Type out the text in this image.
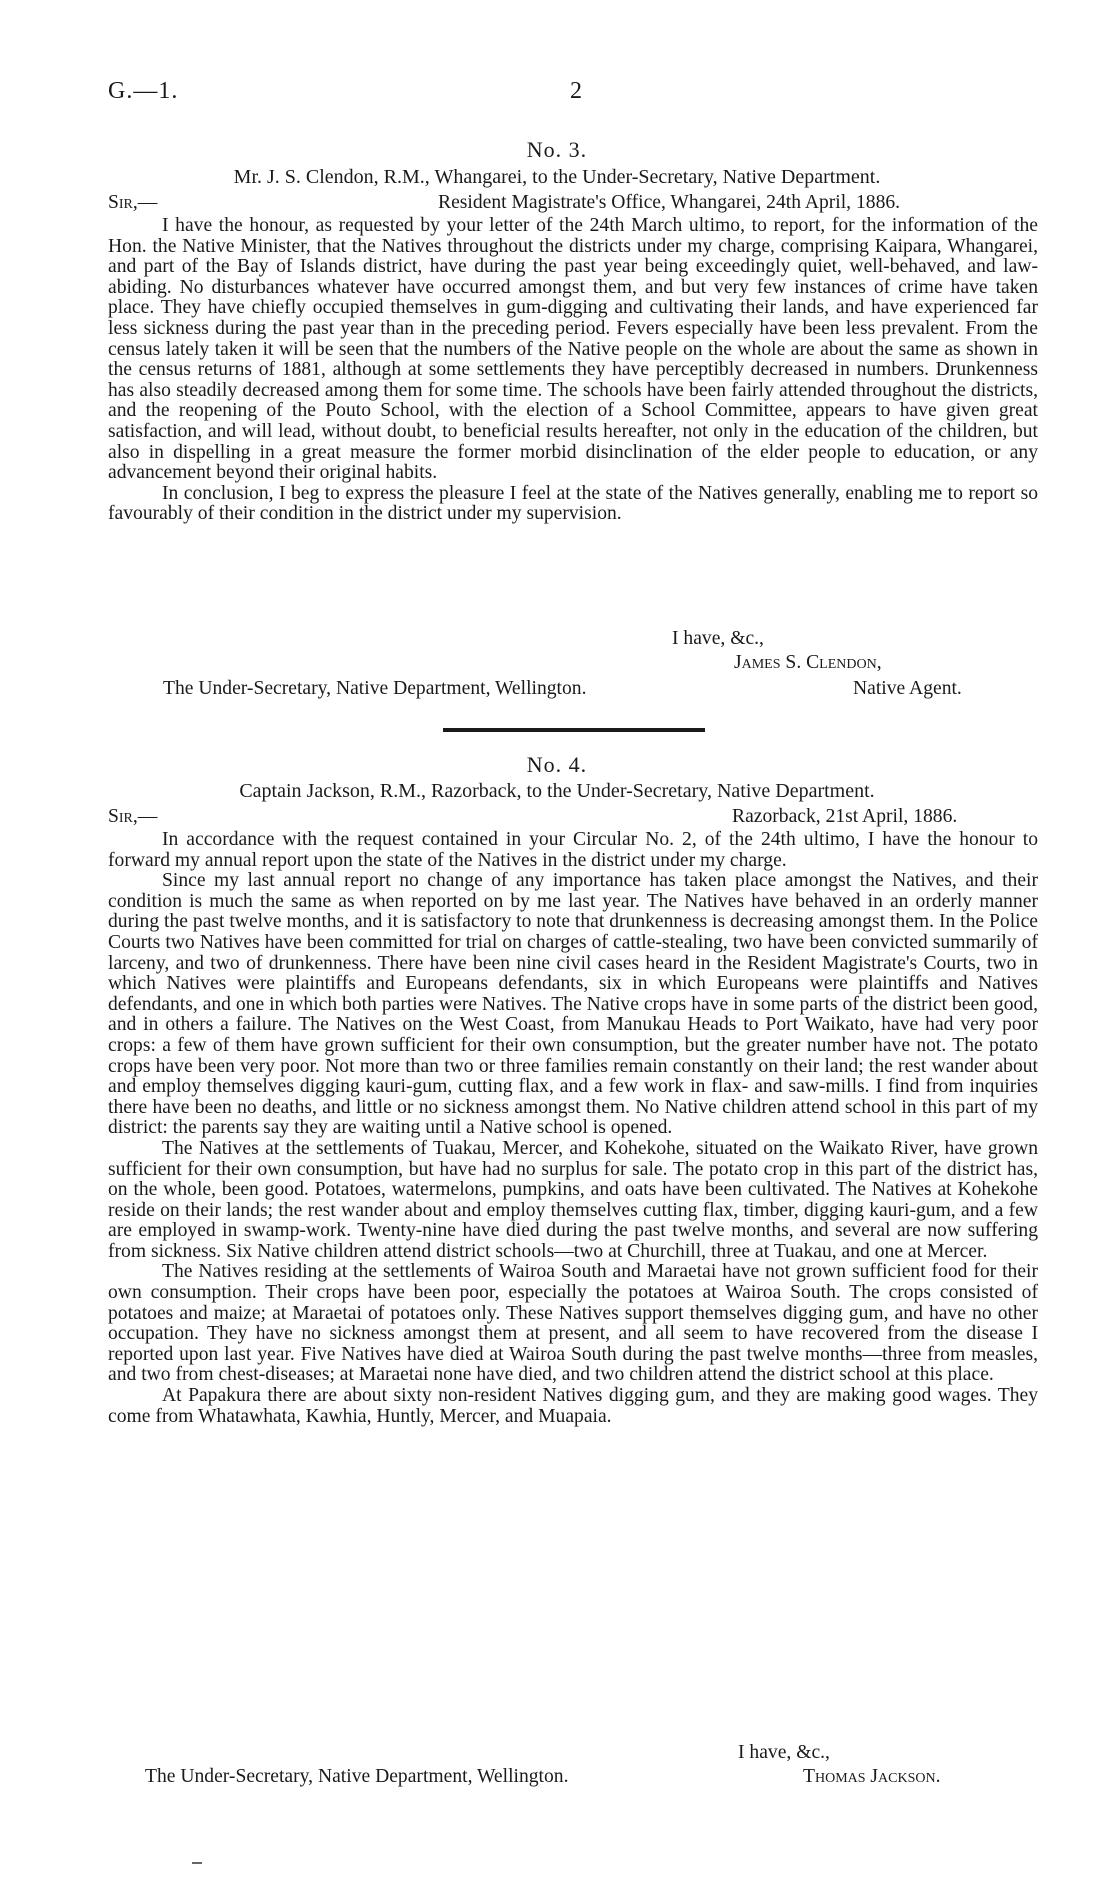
G.—1.	2
No. 3.
Mr. J. S. Clendon, R.M., Whangarei, to the Under-Secretary, Native Department.
Sir,—	Resident Magistrate's Office, Whangarei, 24th April, 1886.

I have the honour, as requested by your letter of the 24th March ultimo, to report, for the information of the Hon. the Native Minister, that the Natives throughout the districts under my charge, comprising Kaipara, Whangarei, and part of the Bay of Islands district, have during the past year being exceedingly quiet, well-behaved, and law-abiding. No disturbances whatever have occurred amongst them, and but very few instances of crime have taken place. They have chiefly occupied themselves in gum-digging and cultivating their lands, and have experienced far less sickness during the past year than in the preceding period. Fevers especially have been less prevalent. From the census lately taken it will be seen that the numbers of the Native people on the whole are about the same as shown in the census returns of 1881, although at some settlements they have perceptibly decreased in numbers. Drunkenness has also steadily decreased among them for some time. The schools have been fairly attended throughout the districts, and the reopening of the Pouto School, with the election of a School Committee, appears to have given great satisfaction, and will lead, without doubt, to beneficial results hereafter, not only in the education of the children, but also in dispelling in a great measure the former morbid disinclination of the elder people to education, or any advancement beyond their original habits.

In conclusion, I beg to express the pleasure I feel at the state of the Natives generally, enabling me to report so favourably of their condition in the district under my supervision.

I have, &c.,
James S. Clendon,
The Under-Secretary, Native Department, Wellington.	Native Agent.
No. 4.
Captain Jackson, R.M., Razorback, to the Under-Secretary, Native Department.
Sir,—	Razorback, 21st April, 1886.

In accordance with the request contained in your Circular No. 2, of the 24th ultimo, I have the honour to forward my annual report upon the state of the Natives in the district under my charge.

Since my last annual report no change of any importance has taken place amongst the Natives, and their condition is much the same as when reported on by me last year. The Natives have behaved in an orderly manner during the past twelve months, and it is satisfactory to note that drunkenness is decreasing amongst them. In the Police Courts two Natives have been committed for trial on charges of cattle-stealing, two have been convicted summarily of larceny, and two of drunkenness. There have been nine civil cases heard in the Resident Magistrate's Courts, two in which Natives were plaintiffs and Europeans defendants, six in which Europeans were plaintiffs and Natives defendants, and one in which both parties were Natives. The Native crops have in some parts of the district been good, and in others a failure. The Natives on the West Coast, from Manukau Heads to Port Waikato, have had very poor crops: a few of them have grown sufficient for their own consumption, but the greater number have not. The potato crops have been very poor. Not more than two or three families remain constantly on their land; the rest wander about and employ themselves digging kauri-gum, cutting flax, and a few work in flax- and saw-mills. I find from inquiries there have been no deaths, and little or no sickness amongst them. No Native children attend school in this part of my district: the parents say they are waiting until a Native school is opened.

The Natives at the settlements of Tuakau, Mercer, and Kohekohe, situated on the Waikato River, have grown sufficient for their own consumption, but have had no surplus for sale. The potato crop in this part of the district has, on the whole, been good. Potatoes, watermelons, pumpkins, and oats have been cultivated. The Natives at Kohekohe reside on their lands; the rest wander about and employ themselves cutting flax, timber, digging kauri-gum, and a few are employed in swamp-work. Twenty-nine have died during the past twelve months, and several are now suffering from sickness. Six Native children attend district schools—two at Churchill, three at Tuakau, and one at Mercer.

The Natives residing at the settlements of Wairoa South and Maraetai have not grown sufficient food for their own consumption. Their crops have been poor, especially the potatoes at Wairoa South. The crops consisted of potatoes and maize; at Maraetai of potatoes only. These Natives support themselves digging gum, and have no other occupation. They have no sickness amongst them at present, and all seem to have recovered from the disease I reported upon last year. Five Natives have died at Wairoa South during the past twelve months—three from measles, and two from chest-diseases; at Maraetai none have died, and two children attend the district school at this place.

At Papakura there are about sixty non-resident Natives digging gum, and they are making good wages. They come from Whatawhata, Kawhia, Huntly, Mercer, and Muapaia.

I have, &c.,
The Under-Secretary, Native Department, Wellington.	Thomas Jackson.
